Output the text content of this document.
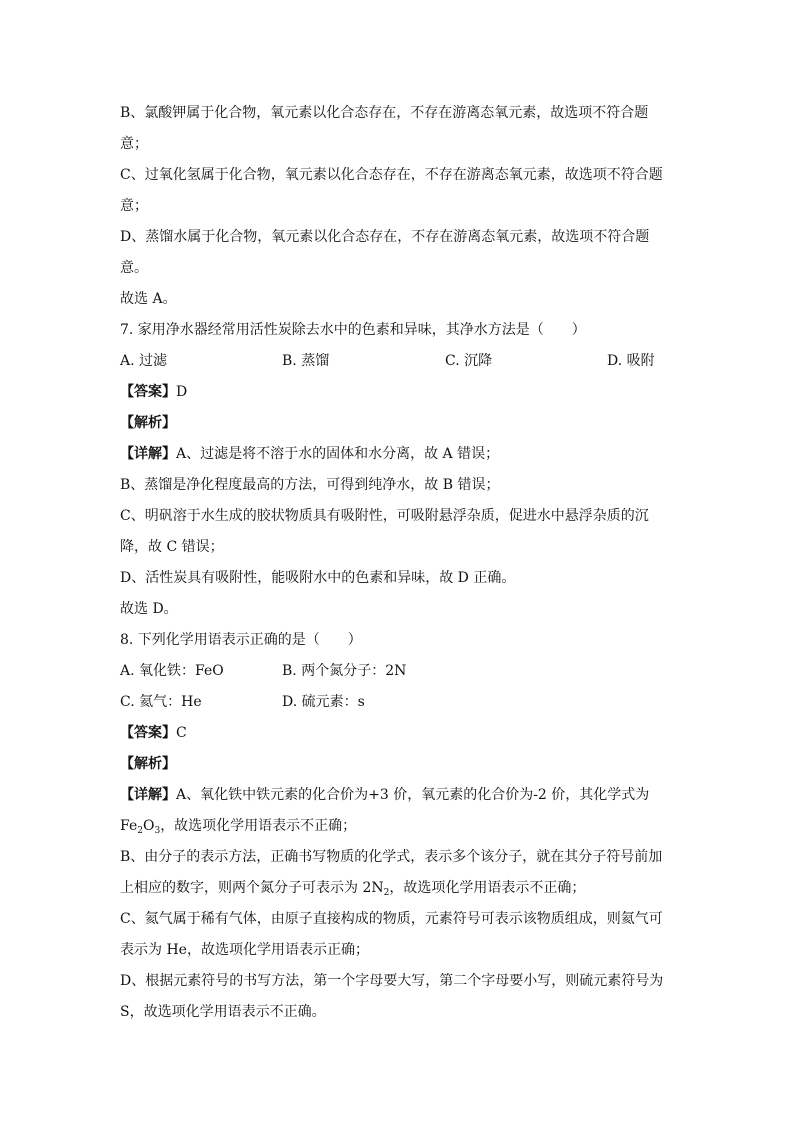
B、氯酸钾属于化合物，氧元素以化合态存在，不存在游离态氧元素，故选项不符合题
意；
C、过氧化氢属于化合物，氧元素以化合态存在，不存在游离态氧元素，故选项不符合题
意；
D、蒸馏水属于化合物，氧元素以化合态存在，不存在游离态氧元素，故选项不符合题
意。
故选 A。
7. 家用净水器经常用活性炭除去水中的色素和异味，其净水方法是（　　）
A. 过滤	B. 蒸馏	C. 沉降	D. 吸附
【答案】D
【解析】
【详解】A、过滤是将不溶于水的固体和水分离，故 A 错误；
B、蒸馏是净化程度最高的方法，可得到纯净水，故 B 错误；
C、明矾溶于水生成的胶状物质具有吸附性，可吸附悬浮杂质，促进水中悬浮杂质的沉
降，故 C 错误；
D、活性炭具有吸附性，能吸附水中的色素和异味，故 D 正确。
故选 D。
8. 下列化学用语表示正确的是（　　）
A. 氧化铁：FeO	B. 两个氮分子：2N
C. 氦气：He	D. 硫元素：s
【答案】C
【解析】
【详解】A、氧化铁中铁元素的化合价为+3 价，氧元素的化合价为-2 价，其化学式为
$Fe_2O_3$，故选项化学用语表示不正确；
B、由分子的表示方法，正确书写物质的化学式，表示多个该分子，就在其分子符号前加
上相应的数字，则两个氮分子可表示为 $2N_2$，故选项化学用语表示不正确；
C、氦气属于稀有气体，由原子直接构成的物质，元素符号可表示该物质组成，则氦气可
表示为 He，故选项化学用语表示正确；
D、根据元素符号的书写方法，第一个字母要大写，第二个字母要小写，则硫元素符号为
S，故选项化学用语表示不正确。
